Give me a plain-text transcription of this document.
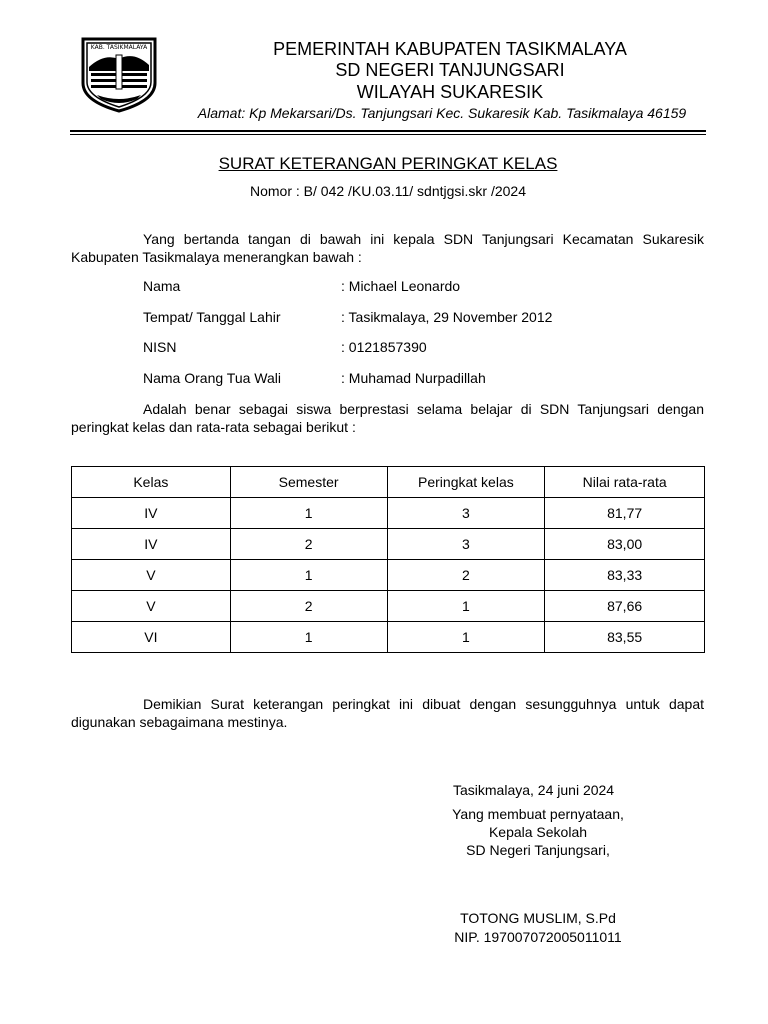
KAB. TASIKMALAYA	PEMERINTAH KABUPATEN TASIKMALAYA
SD NEGERI TANJUNGSARI
WILAYAH SUKARESIK
Alamat: Kp Mekarsari/Ds. Tanjungsari Kec. Sukaresik Kab. Tasikmalaya 46159
SURAT KETERANGAN PERINGKAT KELAS
Nomor : B/ 042 /KU.03.11/ sdntjgsi.skr /2024
Yang bertanda tangan di bawah ini kepala SDN Tanjungsari Kecamatan Sukaresik Kabupaten Tasikmalaya menerangkan bawah :
Nama	: Michael Leonardo
Tempat/ Tanggal Lahir	: Tasikmalaya, 29 November 2012
NISN	: 0121857390
Nama Orang Tua Wali	: Muhamad Nurpadillah
Adalah benar sebagai siswa berprestasi selama belajar di SDN Tanjungsari dengan peringkat kelas dan rata-rata sebagai berikut :
Kelas	Semester	Peringkat kelas	Nilai rata-rata
IV	1	3	81,77
IV	2	3	83,00
V	1	2	83,33
V	2	1	87,66
VI	1	1	83,55
Demikian Surat keterangan peringkat ini dibuat dengan sesungguhnya untuk dapat digunakan sebagaimana mestinya.
Tasikmalaya, 24 juni 2024
Yang membuat pernyataan,
Kepala Sekolah
SD Negeri Tanjungsari,
TOTONG MUSLIM, S.Pd
NIP. 197007072005011011
